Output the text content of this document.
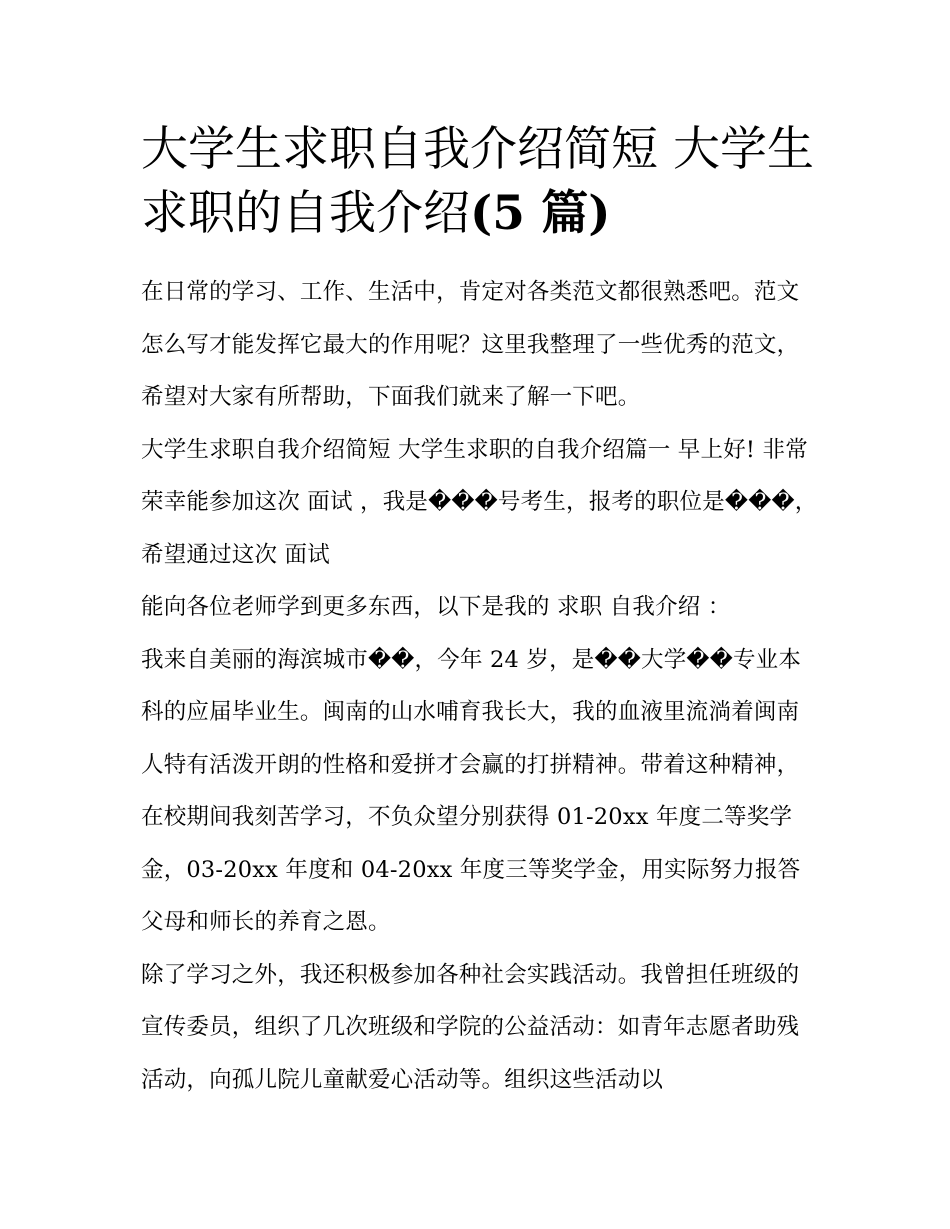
大学生求职自我介绍简短 大学生求职的自我介绍(5 篇)

在日常的学习、工作、生活中，肯定对各类范文都很熟悉吧。范文怎么写才能发挥它最大的作用呢？这里我整理了一些优秀的范文，希望对大家有所帮助，下面我们就来了解一下吧。

大学生求职自我介绍简短 大学生求职的自我介绍篇一 早上好! 非常荣幸能参加这次 面试 ，我是���号考生，报考的职位是���，希望通过这次 面试

能向各位老师学到更多东西，以下是我的 求职 自我介绍 ：

我来自美丽的海滨城市��，今年 24 岁，是��大学��专业本科的应届毕业生。闽南的山水哺育我长大，我的血液里流淌着闽南人特有活泼开朗的性格和爱拼才会赢的打拼精神。带着这种精神，在校期间我刻苦学习，不负众望分别获得 01-20xx 年度二等奖学金，03-20xx 年度和 04-20xx 年度三等奖学金，用实际努力报答父母和师长的养育之恩。

除了学习之外，我还积极参加各种社会实践活动。我曾担任班级的宣传委员，组织了几次班级和学院的公益活动：如青年志愿者助残活动，向孤儿院儿童献爱心活动等。组织这些活动以
